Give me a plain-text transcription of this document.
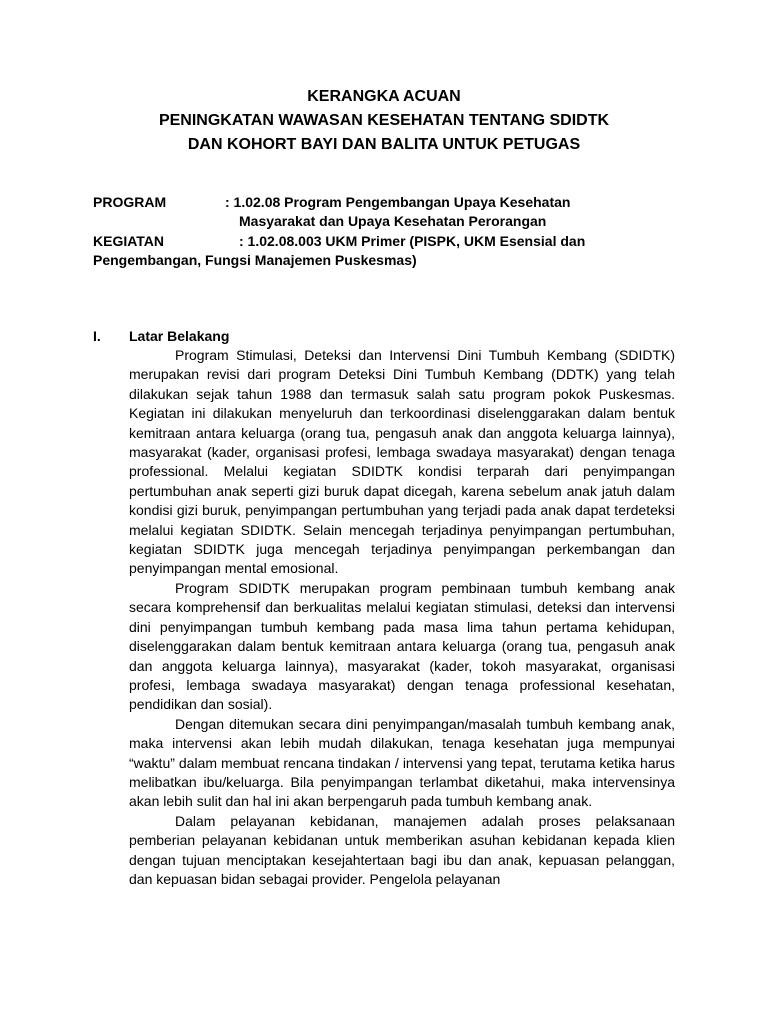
KERANGKA ACUAN
PENINGKATAN WAWASAN KESEHATAN TENTANG SDIDTK
DAN KOHORT BAYI DAN BALITA UNTUK PETUGAS
PROGRAM	: 1.02.08 Program Pengembangan Upaya Kesehatan
Masyarakat dan Upaya Kesehatan Perorangan
KEGIATAN	: 1.02.08.003 UKM Primer (PISPK, UKM Esensial dan
Pengembangan, Fungsi Manajemen Puskesmas)
I. Latar Belakang

Program Stimulasi, Deteksi dan Intervensi Dini Tumbuh Kembang (SDIDTK) merupakan revisi dari program Deteksi Dini Tumbuh Kembang (DDTK) yang telah dilakukan sejak tahun 1988 dan termasuk salah satu program pokok Puskesmas. Kegiatan ini dilakukan menyeluruh dan terkoordinasi diselenggarakan dalam bentuk kemitraan antara keluarga (orang tua, pengasuh anak dan anggota keluarga lainnya), masyarakat (kader, organisasi profesi, lembaga swadaya masyarakat) dengan tenaga professional. Melalui kegiatan SDIDTK kondisi terparah dari penyimpangan pertumbuhan anak seperti gizi buruk dapat dicegah, karena sebelum anak jatuh dalam kondisi gizi buruk, penyimpangan pertumbuhan yang terjadi pada anak dapat terdeteksi melalui kegiatan SDIDTK. Selain mencegah terjadinya penyimpangan pertumbuhan, kegiatan SDIDTK juga mencegah terjadinya penyimpangan perkembangan dan penyimpangan mental emosional.

Program SDIDTK merupakan program pembinaan tumbuh kembang anak secara komprehensif dan berkualitas melalui kegiatan stimulasi, deteksi dan intervensi dini penyimpangan tumbuh kembang pada masa lima tahun pertama kehidupan, diselenggarakan dalam bentuk kemitraan antara keluarga (orang tua, pengasuh anak dan anggota keluarga lainnya), masyarakat (kader, tokoh masyarakat, organisasi profesi, lembaga swadaya masyarakat) dengan tenaga professional kesehatan, pendidikan dan sosial).

Dengan ditemukan secara dini penyimpangan/masalah tumbuh kembang anak, maka intervensi akan lebih mudah dilakukan, tenaga kesehatan juga mempunyai “waktu” dalam membuat rencana tindakan / intervensi yang tepat, terutama ketika harus melibatkan ibu/keluarga. Bila penyimpangan terlambat diketahui, maka intervensinya akan lebih sulit dan hal ini akan berpengaruh pada tumbuh kembang anak.

Dalam pelayanan kebidanan, manajemen adalah proses pelaksanaan pemberian pelayanan kebidanan untuk memberikan asuhan kebidanan kepada klien dengan tujuan menciptakan kesejahtertaan bagi ibu dan anak, kepuasan pelanggan, dan kepuasan bidan sebagai provider. Pengelola pelayanan
